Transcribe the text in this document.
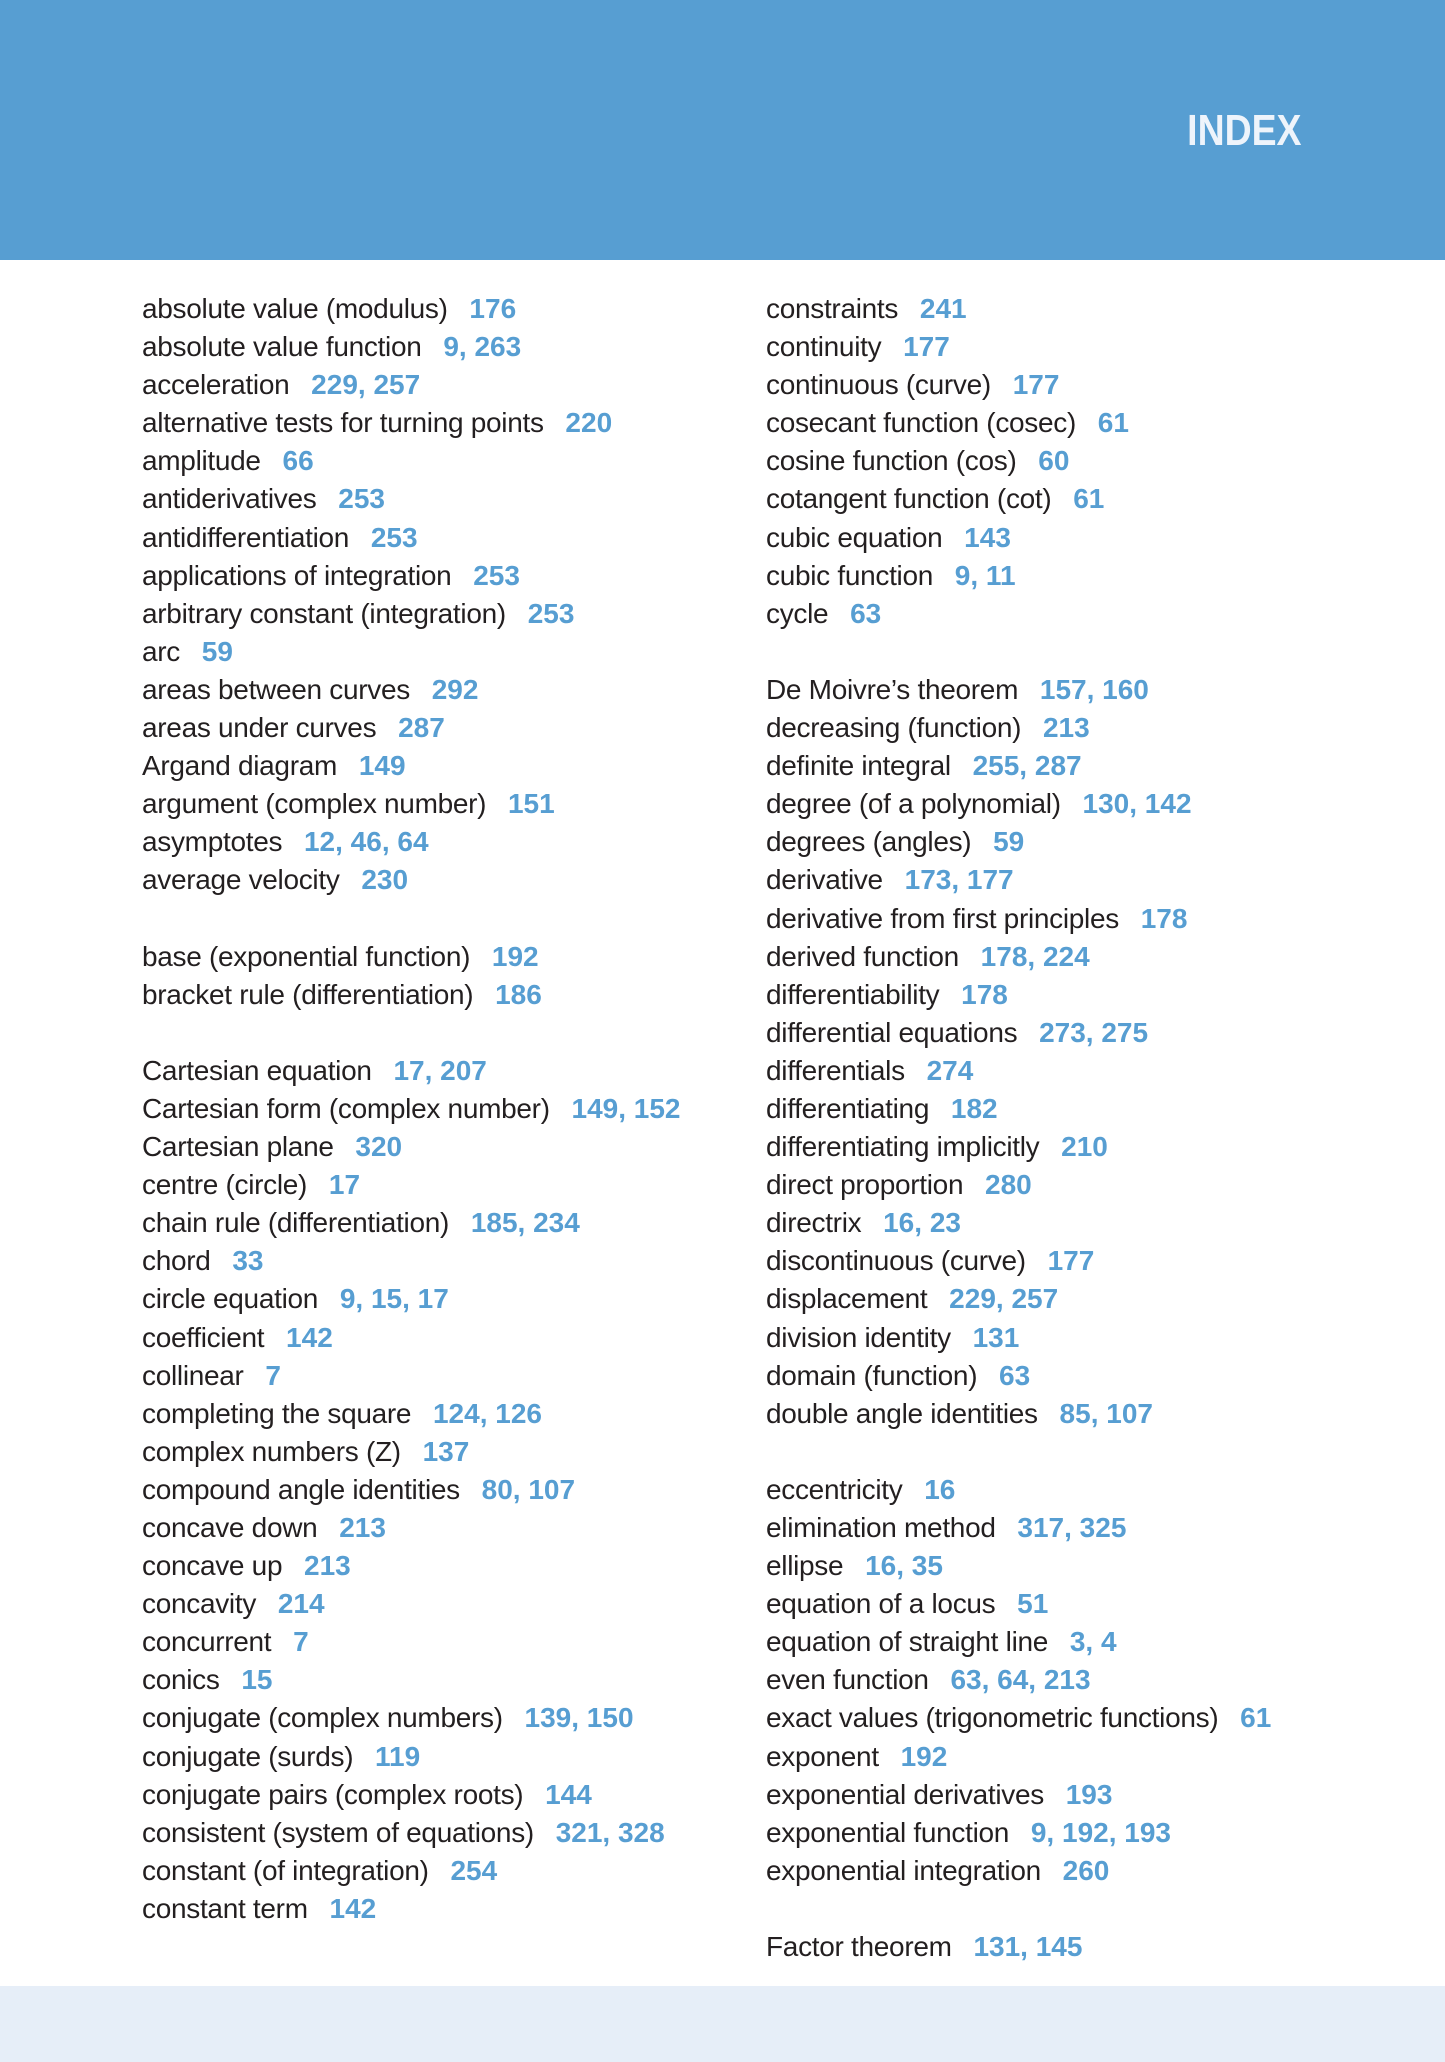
INDEX
absolute value (modulus) 176
absolute value function 9, 263
acceleration 229, 257
alternative tests for turning points 220
amplitude 66
antiderivatives 253
antidifferentiation 253
applications of integration 253
arbitrary constant (integration) 253
arc 59
areas between curves 292
areas under curves 287
Argand diagram 149
argument (complex number) 151
asymptotes 12, 46, 64
average velocity 230
base (exponential function) 192
bracket rule (differentiation) 186
Cartesian equation 17, 207
Cartesian form (complex number) 149, 152
Cartesian plane 320
centre (circle) 17
chain rule (differentiation) 185, 234
chord 33
circle equation 9, 15, 17
coefficient 142
collinear 7
completing the square 124, 126
complex numbers (Z) 137
compound angle identities 80, 107
concave down 213
concave up 213
concavity 214
concurrent 7
conics 15
conjugate (complex numbers) 139, 150
conjugate (surds) 119
conjugate pairs (complex roots) 144
consistent (system of equations) 321, 328
constant (of integration) 254
constant term 142
constraints 241
continuity 177
continuous (curve) 177
cosecant function (cosec) 61
cosine function (cos) 60
cotangent function (cot) 61
cubic equation 143
cubic function 9, 11
cycle 63
De Moivre’s theorem 157, 160
decreasing (function) 213
definite integral 255, 287
degree (of a polynomial) 130, 142
degrees (angles) 59
derivative 173, 177
derivative from first principles 178
derived function 178, 224
differentiability 178
differential equations 273, 275
differentials 274
differentiating 182
differentiating implicitly 210
direct proportion 280
directrix 16, 23
discontinuous (curve) 177
displacement 229, 257
division identity 131
domain (function) 63
double angle identities 85, 107
eccentricity 16
elimination method 317, 325
ellipse 16, 35
equation of a locus 51
equation of straight line 3, 4
even function 63, 64, 213
exact values (trigonometric functions) 61
exponent 192
exponential derivatives 193
exponential function 9, 192, 193
exponential integration 260
Factor theorem 131, 145
